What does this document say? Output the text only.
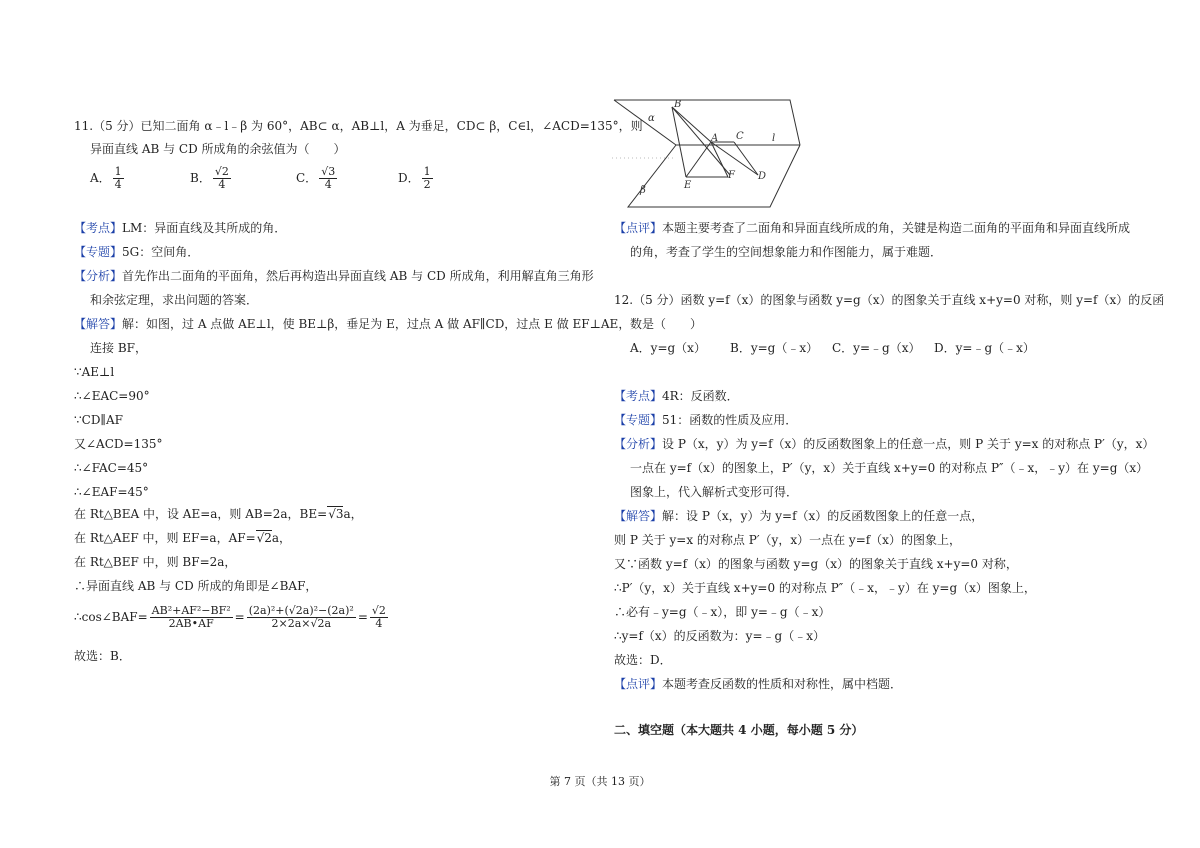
11.（5 分）已知二面角 α﹣l﹣β 为 60°，AB⊂ α，AB⊥l，A 为垂足，CD⊂ β，C∈l，∠ACD=135°，则
异面直线 AB 与 CD 所成角的余弦值为（　　）
A． $\frac{1}{4}$	B． $\frac{√2}{4}$	C． $\frac{√3}{4}$	D． $\frac{1}{2}$
【考点】LM：异面直线及其所成的角．
【专题】5G：空间角．
【分析】首先作出二面角的平面角，然后再构造出异面直线 AB 与 CD 所成角，利用解直角三角形
和余弦定理，求出问题的答案．
【解答】解：如图，过 A 点做 AE⊥l，使 BE⊥β，垂足为 E，过点 A 做 AF∥CD，过点 E 做 EF⊥AE，
连接 BF，
∵AE⊥l
∴∠EAC=90°
∵CD∥AF
又∠ACD=135°
∴∠FAC=45°
∴∠EAF=45°
在 Rt△BEA 中，设 AE=a，则 AB=2a，BE=√3a，
在 Rt△AEF 中，则 EF=a，AF=√2a，
在 Rt△BEF 中，则 BF=2a，
∴异面直线 AB 与 CD 所成的角即是∠BAF，
∴cos∠BAF= $\frac{\text{AB²+AF²−BF²}}{2AB•AF} = \frac{\text{(2a)²+(√2a)²−(2a)²}}{2\times 2a\times√2a} = \frac{√2}{4}$
故选：B．
B
α
A C	l
F D
E
β
【点评】本题主要考查了二面角和异面直线所成的角，关键是构造二面角的平面角和异面直线所成
的角，考查了学生的空间想象能力和作图能力，属于难题．
12.（5 分）函数 y=f（x）的图象与函数 y=g（x）的图象关于直线 x+y=0 对称，则 y=f（x）的反函
数是（　　）
A．y=g（x） B．y=g（﹣x） C．y=﹣g（x） D．y=﹣g（﹣x）
【考点】4R：反函数．
【专题】51：函数的性质及应用．
【分析】设 P（x，y）为 y=f（x）的反函数图象上的任意一点，则 P 关于 y=x 的对称点 P′（y，x）
一点在 y=f（x）的图象上，P′（y，x）关于直线 x+y=0 的对称点 P″（﹣x，﹣y）在 y=g（x）
图象上，代入解析式变形可得．
【解答】解：设 P（x，y）为 y=f（x）的反函数图象上的任意一点，
则 P 关于 y=x 的对称点 P′（y，x）一点在 y=f（x）的图象上，
又∵函数 y=f（x）的图象与函数 y=g（x）的图象关于直线 x+y=0 对称，
∴P′（y，x）关于直线 x+y=0 的对称点 P″（﹣x，﹣y）在 y=g（x）图象上，
∴必有﹣y=g（﹣x），即 y=﹣g（﹣x）
∴y=f（x）的反函数为：y=﹣g（﹣x）
故选：D．
【点评】本题考查反函数的性质和对称性，属中档题．
二、填空题（本大题共 4 小题，每小题 5 分）
第 7 页（共 13 页）
